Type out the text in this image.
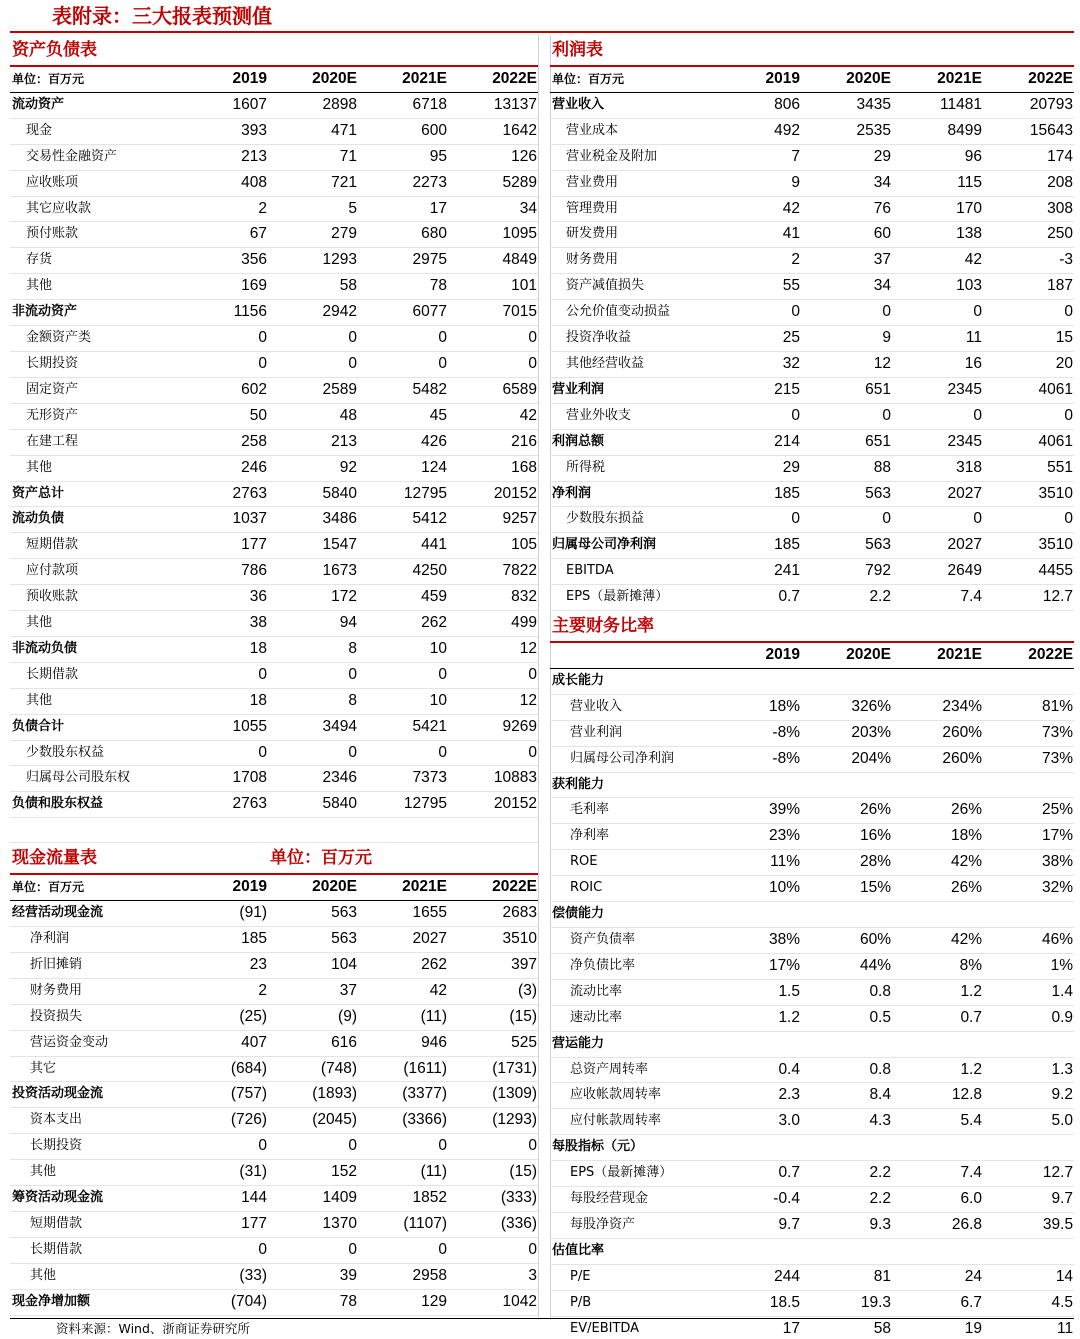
表附录：三大报表预测值
资产负债表				
单位：百万元	2019	2020E	2021E	2022E
流动资产	1607	2898	6718	13137
现金	393	471	600	1642
交易性金融资产	213	71	95	126
应收账项	408	721	2273	5289
其它应收款	2	5	17	34
预付账款	67	279	680	1095
存货	356	1293	2975	4849
其他	169	58	78	101
非流动资产	1156	2942	6077	7015
金额资产类	0	0	0	0
长期投资	0	0	0	0
固定资产	602	2589	5482	6589
无形资产	50	48	45	42
在建工程	258	213	426	216
其他	246	92	124	168
资产总计	2763	5840	12795	20152
流动负债	1037	3486	5412	9257
短期借款	177	1547	441	105
应付款项	786	1673	4250	7822
预收账款	36	172	459	832
其他	38	94	262	499
非流动负债	18	8	10	12
长期借款	0	0	0	0
其他	18	8	10	12
负债合计	1055	3494	5421	9269
少数股东权益	0	0	0	0
归属母公司股东权	1708	2346	7373	10883
负债和股东权益	2763	5840	12795	20152

现金流量表		单位：百万元		
单位：百万元	2019	2020E	2021E	2022E
经营活动现金流	(91)	563	1655	2683
净利润	185	563	2027	3510
折旧摊销	23	104	262	397
财务费用	2	37	42	(3)
投资损失	(25)	(9)	(11)	(15)
营运资金变动	407	616	946	525
其它	(684)	(748)	(1611)	(1731)
投资活动现金流	(757)	(1893)	(3377)	(1309)
资本支出	(726)	(2045)	(3366)	(1293)
长期投资	0	0	0	0
其他	(31)	152	(11)	(15)
筹资活动现金流	144	1409	1852	(333)
短期借款	177	1370	(1107)	(336)
长期借款	0	0	0	0
其他	(33)	39	2958	3
现金净增加额	(704)	78	129	1042

利润表				
单位：百万元	2019	2020E	2021E	2022E
营业收入	806	3435	11481	20793
营业成本	492	2535	8499	15643
营业税金及附加	7	29	96	174
营业费用	9	34	115	208
管理费用	42	76	170	308
研发费用	41	60	138	250
财务费用	2	37	42	-3
资产减值损失	55	34	103	187
公允价值变动损益	0	0	0	0
投资净收益	25	9	11	15
其他经营收益	32	12	16	20
营业利润	215	651	2345	4061
营业外收支	0	0	0	0
利润总额	214	651	2345	4061
所得税	29	88	318	551
净利润	185	563	2027	3510
少数股东损益	0	0	0	0
归属母公司净利润	185	563	2027	3510
EBITDA	241	792	2649	4455
EPS（最新摊薄）	0.7	2.2	7.4	12.7
主要财务比率				
	2019	2020E	2021E	2022E
成长能力				
营业收入	18%	326%	234%	81%
营业利润	-8%	203%	260%	73%
归属母公司净利润	-8%	204%	260%	73%
获利能力				
毛利率	39%	26%	26%	25%
净利率	23%	16%	18%	17%
ROE	11%	28%	42%	38%
ROIC	10%	15%	26%	32%
偿债能力				
资产负债率	38%	60%	42%	46%
净负债比率	17%	44%	8%	1%
流动比率	1.5	0.8	1.2	1.4
速动比率	1.2	0.5	0.7	0.9
营运能力				
总资产周转率	0.4	0.8	1.2	1.3
应收帐款周转率	2.3	8.4	12.8	9.2
应付帐款周转率	3.0	4.3	5.4	5.0
每股指标（元）				
EPS（最新摊薄）	0.7	2.2	7.4	12.7
每股经营现金	-0.4	2.2	6.0	9.7
每股净资产	9.7	9.3	26.8	39.5
估值比率				
P/E	244	81	24	14
P/B	18.5	19.3	6.7	4.5
EV/EBITDA	17	58	19	11

资料来源：Wind、浙商证券研究所
